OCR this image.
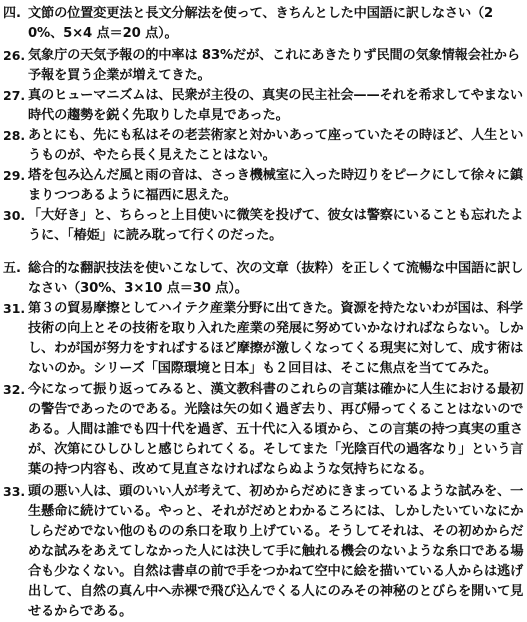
四. 文節の位置変更法と長文分解法を使って、きちんとした中国語に訳しなさい（20%、5×4 点＝20 点）。
26. 気象庁の天気予報の的中率は 83%だが、これにあきたりず民間の気象情報会社から予報を買う企業が増えてきた。
27. 真のヒューマニズムは、民衆が主役の、真実の民主社会——それを希求してやまない時代の趨勢を鋭く先取りした卓見であった。
28. あとにも、先にも私はその老芸術家と対かいあって座っていたその時ほど、人生というものが、やたら長く見えたことはない。
29. 塔を包み込んだ風と雨の音は、さっき機械室に入った時辺りをピークにして徐々に鎮まりつつあるように福西に思えた。
30. 「大好き」と、ちらっと上目使いに微笑を投げて、彼女は警察にいることも忘れたように、「椿姫」に読み耽って行くのだった。
五. 総合的な翻訳技法を使いこなして、次の文章（抜粋）を正しくて流暢な中国語に訳しなさい（30%、3×10 点＝30 点）。
31. 第３の貿易摩擦としてハイテク産業分野に出てきた。資源を持たないわが国は、科学技術の向上とその技術を取り入れた産業の発展に努めていかなければならない。しかし、わが国が努力をすればするほど摩擦が激しくなってくる現実に対して、成す術はないのか。シリーズ「国際環境と日本」も２回目は、そこに焦点を当ててみた。
32. 今になって振り返ってみると、漢文教科書のこれらの言葉は確かに人生における最初の警告であったのである。光陰は矢の如く過ぎ去り、再び帰ってくることはないのである。人間は誰でも四十代を過ぎ、五十代に入る頃から、この言葉の持つ真実の重さが、次第にひしひしと感じられてくる。そしてまた「光陰百代の過客なり」という言葉の持つ内容も、改めて見直さなければならぬような気持ちになる。
33. 頭の悪い人は、頭のいい人が考えて、初めからだめにきまっているような試みを、一生懸命に続けている。やっと、それがだめとわかるころには、しかしたいていなにかしらだめでない他のものの糸口を取り上げている。そうしてそれは、その初めからだめな試みをあえてしなかった人には決して手に触れる機会のないような糸口である場合も少なくない。自然は書卓の前で手をつかねて空中に絵を描いている人からは逃げ出して、自然の真ん中へ赤裸で飛び込んでくる人にのみその神秘のとびらを開いて見せるからである。
